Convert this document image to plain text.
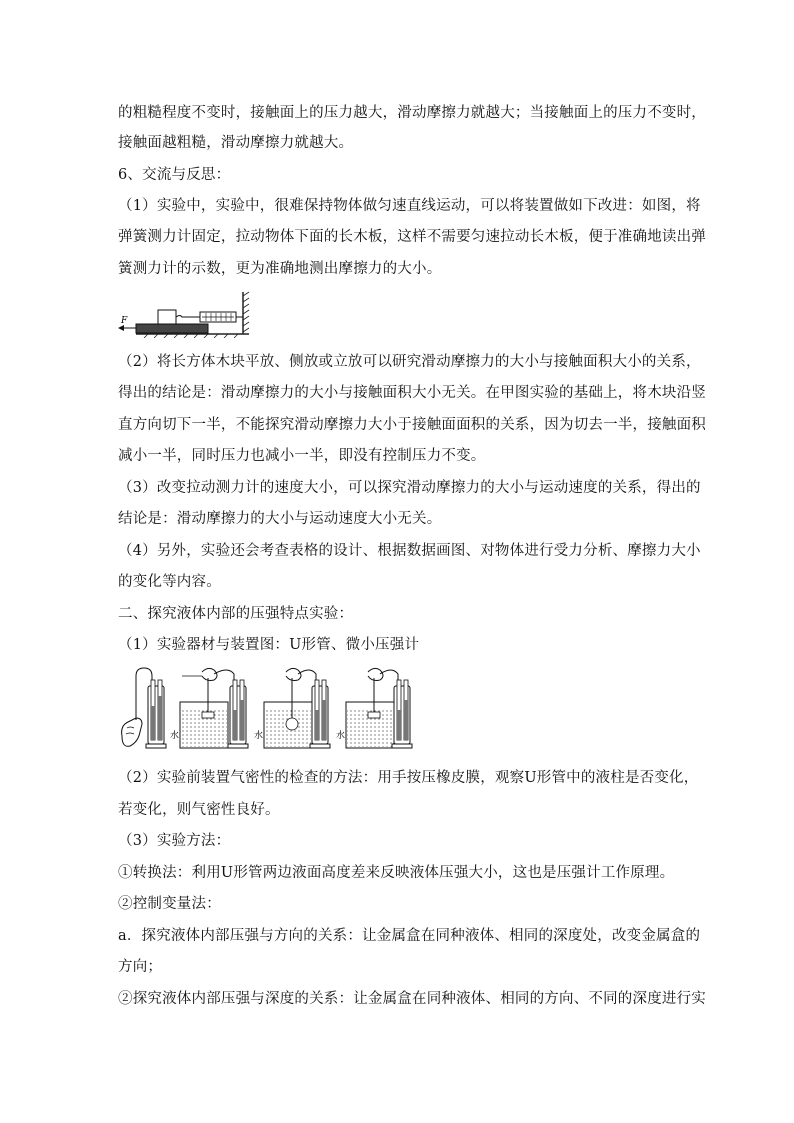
的粗糙程度不变时，接触面上的压力越大，滑动摩擦力就越大；当接触面上的压力不变时，
接触面越粗糙，滑动摩擦力就越大。
6、交流与反思：
（1）实验中，实验中，很难保持物体做匀速直线运动，可以将装置做如下改进：如图，将
弹簧测力计固定，拉动物体下面的长木板，这样不需要匀速拉动长木板，便于准确地读出弹
簧测力计的示数，更为准确地测出摩擦力的大小。
F
（2）将长方体木块平放、侧放或立放可以研究滑动摩擦力的大小与接触面积大小的关系，
得出的结论是：滑动摩擦力的大小与接触面积大小无关。在甲图实验的基础上，将木块沿竖
直方向切下一半，不能探究滑动摩擦力大小于接触面面积的关系，因为切去一半，接触面积
减小一半，同时压力也减小一半，即没有控制压力不变。
（3）改变拉动测力计的速度大小，可以探究滑动摩擦力的大小与运动速度的关系，得出的
结论是：滑动摩擦力的大小与运动速度大小无关。
（4）另外，实验还会考查表格的设计、根据数据画图、对物体进行受力分析、摩擦力大小
的变化等内容。
二、探究液体内部的压强特点实验：
（1）实验器材与装置图：U形管、微小压强计
水	水	水
（2）实验前装置气密性的检查的方法：用手按压橡皮膜，观察U形管中的液柱是否变化，
若变化，则气密性良好。
（3）实验方法：
①转换法：利用U形管两边液面高度差来反映液体压强大小，这也是压强计工作原理。
②控制变量法：
a．探究液体内部压强与方向的关系：让金属盒在同种液体、相同的深度处，改变金属盒的
方向；
②探究液体内部压强与深度的关系：让金属盒在同种液体、相同的方向、不同的深度进行实
